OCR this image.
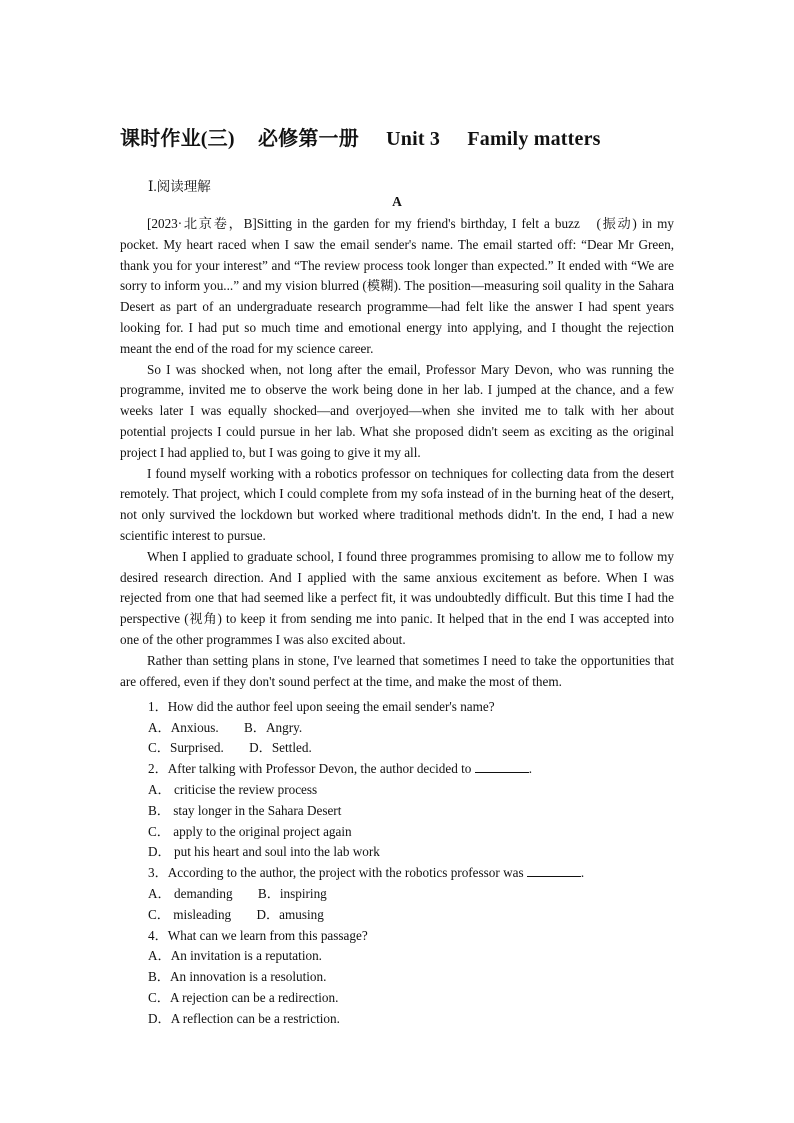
课时作业(三) 必修第一册 Unit 3 Family matters
Ⅰ.阅读理解
A

[2023·北京卷，B]Sitting in the garden for my friend's birthday, I felt a buzz　(振动) in my pocket. My heart raced when I saw the email sender's name. The email started off: “Dear Mr Green, thank you for your interest” and “The review process took longer than expected.” It ended with “We are sorry to inform you...” and my vision blurred (模糊). The position—measuring soil quality in the Sahara Desert as part of an undergraduate research programme—had felt like the answer I had spent years looking for. I had put so much time and emotional energy into applying, and I thought the rejection meant the end of the road for my science career.

So I was shocked when, not long after the email, Professor Mary Devon, who was running the programme, invited me to observe the work being done in her lab. I jumped at the chance, and a few weeks later I was equally shocked—and overjoyed—when she invited me to talk with her about potential projects I could pursue in her lab. What she proposed didn't seem as exciting as the original project I had applied to, but I was going to give it my all.

I found myself working with a robotics professor on techniques for collecting data from the desert remotely. That project, which I could complete from my sofa instead of in the burning heat of the desert, not only survived the lockdown but worked where traditional methods didn't. In the end, I had a new scientific interest to pursue.

When I applied to graduate school, I found three programmes promising to allow me to follow my desired research direction. And I applied with the same anxious excitement as before. When I was rejected from one that had seemed like a perfect fit, it was undoubtedly difficult. But this time I had the perspective (视角) to keep it from sending me into panic. It helped that in the end I was accepted into one of the other programmes I was also excited about.

Rather than setting plans in stone, I've learned that sometimes I need to take the opportunities that are offered, even if they don't sound perfect at the time, and make the most of them.

1．How did the author feel upon seeing the email sender's name?
A．Anxious. B．Angry.
C．Surprised. D．Settled.
2．After talking with Professor Devon, the author decided to	.
A． criticise the review process
B． stay longer in the Sahara Desert
C． apply to the original project again
D． put his heart and soul into the lab work
3．According to the author, the project with the robotics professor was	.
A． demanding B．inspiring
C． misleading D．amusing
4．What can we learn from this passage?
A．An invitation is a reputation.
B．An innovation is a resolution.
C．A rejection can be a redirection.
D．A reflection can be a restriction.
